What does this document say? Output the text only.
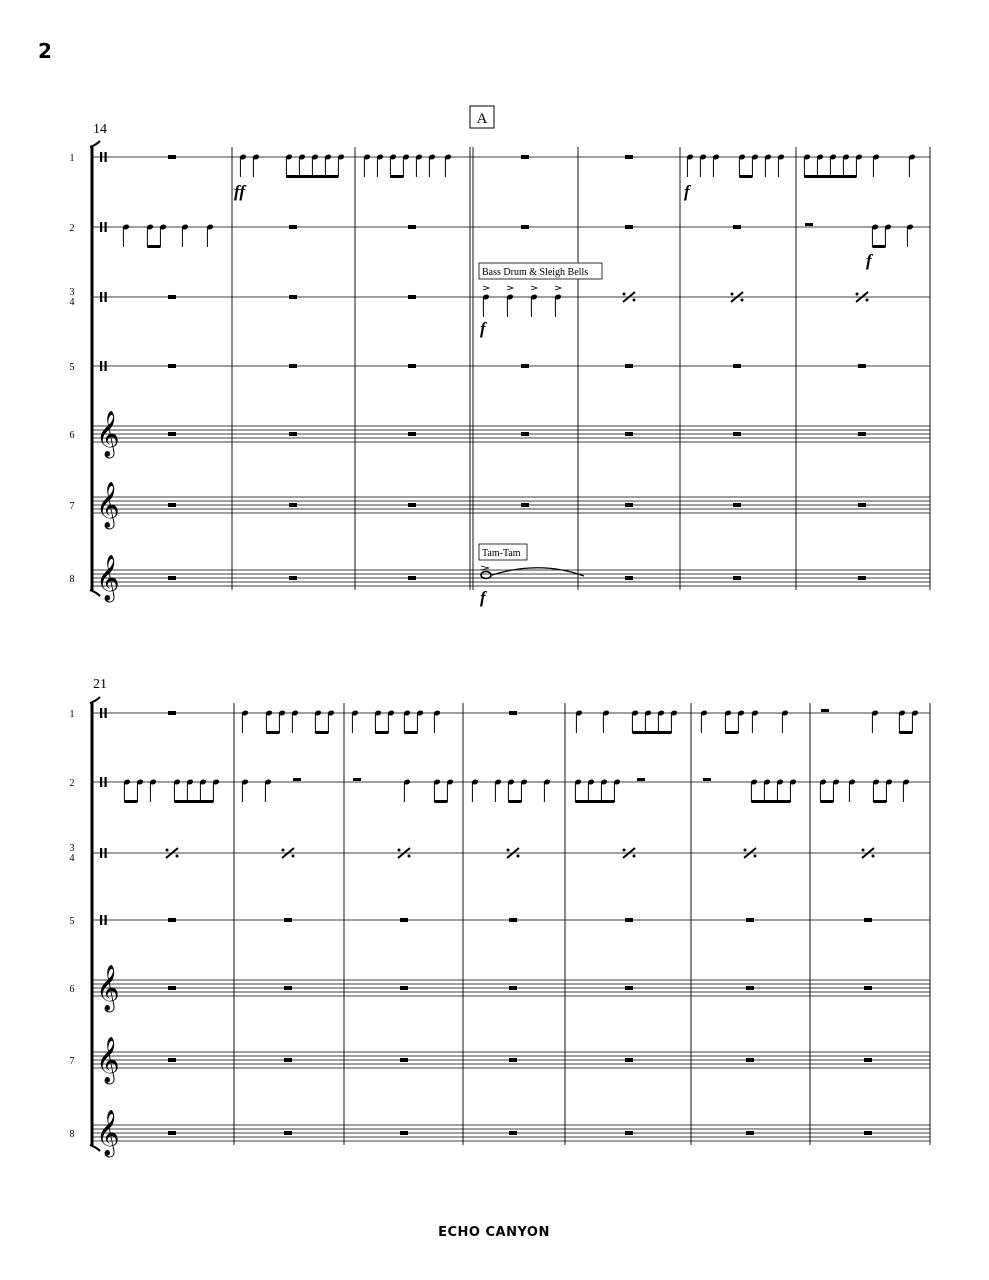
2
A
14
21
𝄞
𝄞
𝄞
1
2
3
4
5
6
7
8
𝄞
𝄞
𝄞
1
2
3
4
5
6
7
8
Bass Drum & Sleigh Bells
Tam-Tam
ff	f
f
f
f
ECHO CANYON
